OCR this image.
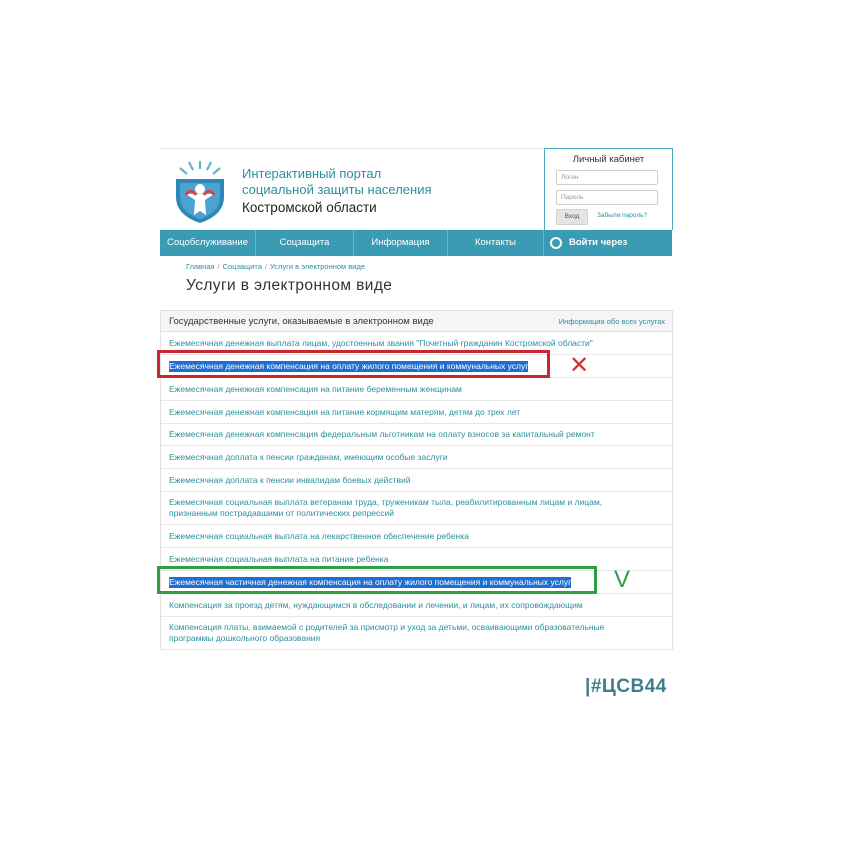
Интерактивный портал
социальной защиты населения
Костромской области
Личный кабинет
Логин
Пароль
Вход	Забыли пароль?
Соцобслуживание	Соцзащита	Информация	Контакты	Войти через госуслуги
Главная / Соцзащита / Услуги в электронном виде
Услуги в электронном виде
Государственные услуги, оказываемые в электронном виде	Информация обо всех услугах
Ежемесячная денежная выплата лицам, удостоенным звания "Почетный гражданин Костромской области"
Ежемесячная денежная компенсация на оплату жилого помещения и коммунальных услуг
Ежемесячная денежная компенсация на питание беременным женщинам
Ежемесячная денежная компенсация на питание кормящим матерям, детям до трех лет
Ежемесячная денежная компенсация федеральным льготникам на оплату взносов за капитальный ремонт
Ежемесячная доплата к пенсии гражданам, имеющим особые заслуги
Ежемесячная доплата к пенсии инвалидам боевых действий
Ежемесячная социальная выплата ветеранам труда, труженикам тыла, реабилитированным лицам и лицам, признанным пострадавшими от политических репрессий
Ежемесячная социальная выплата на лекарственное обеспечение ребенка
Ежемесячная социальная выплата на питание ребенка
Ежемесячная частичная денежная компенсация на оплату жилого помещения и коммунальных услуг
Компенсация за проезд детям, нуждающимся в обследовании и лечении, и лицам, их сопровождающим
Компенсация платы, взимаемой с родителей за присмотр и уход за детьми, осваивающими образовательные программы дошкольного образования
✕
V
|#ЦСВ44
